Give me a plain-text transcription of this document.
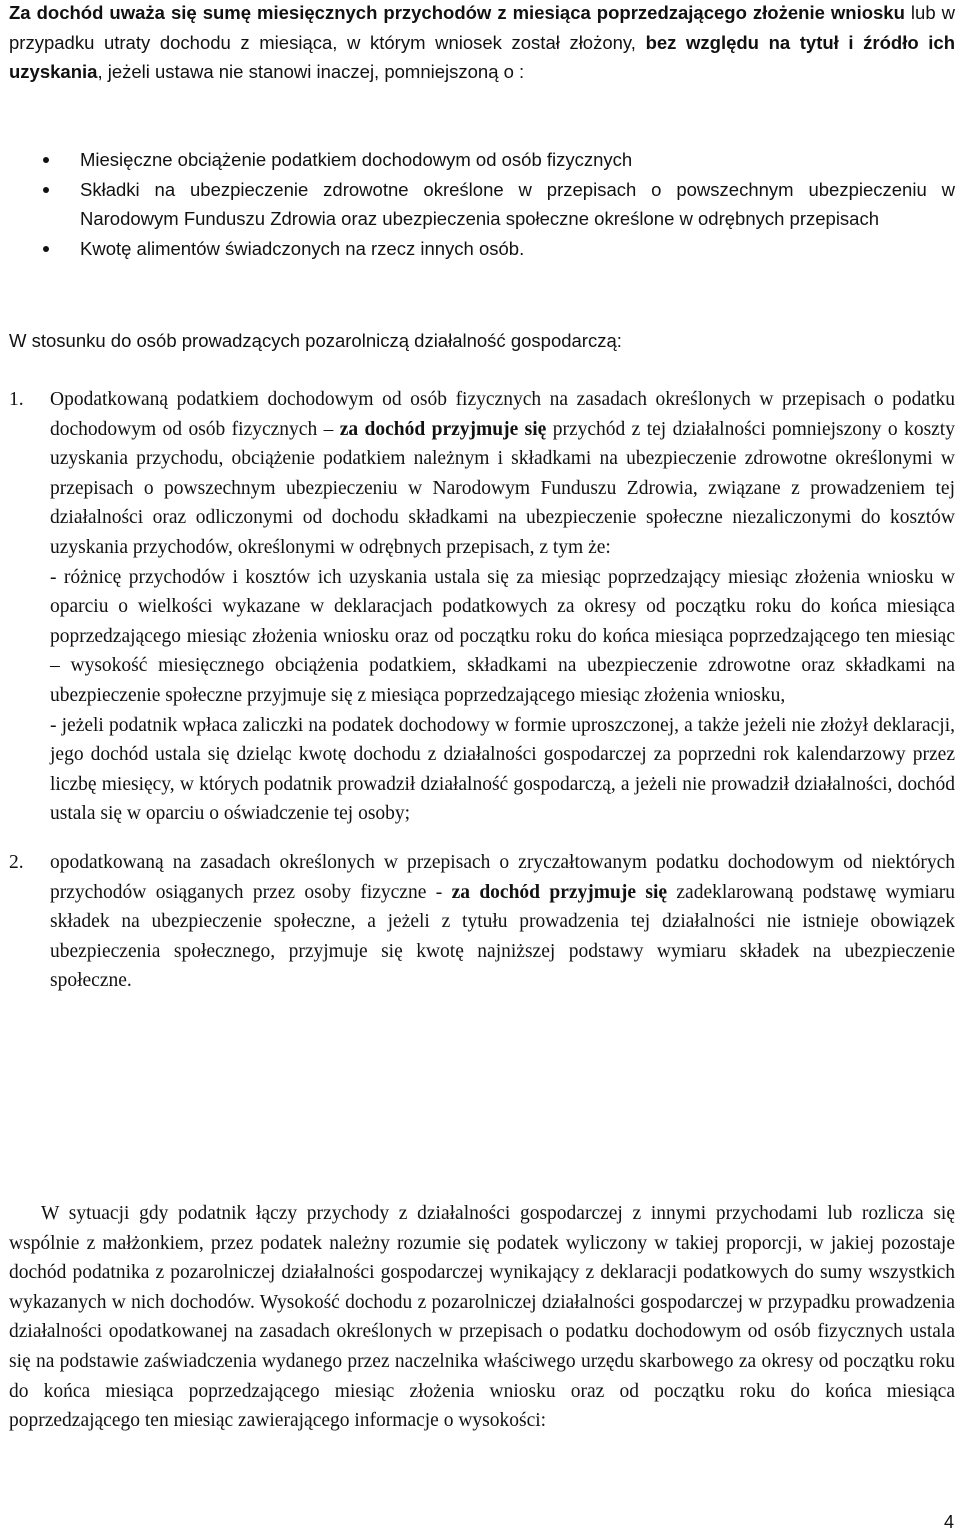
Za dochód uważa się sumę miesięcznych przychodów z miesiąca poprzedzającego złożenie wniosku lub w przypadku utraty dochodu z miesiąca, w którym wniosek został złożony, bez względu na tytuł i źródło ich uzyskania, jeżeli ustawa nie stanowi inaczej, pomniejszoną o :

Miesięczne obciążenie podatkiem dochodowym od osób fizycznych
Składki na ubezpieczenie zdrowotne określone w przepisach o powszechnym ubezpieczeniu w Narodowym Funduszu Zdrowia oraz ubezpieczenia społeczne określone w odrębnych przepisach
Kwotę alimentów świadczonych na rzecz innych osób.

W stosunku do osób prowadzących pozarolniczą działalność gospodarczą:

1. Opodatkowaną podatkiem dochodowym od osób fizycznych na zasadach określonych w przepisach o podatku dochodowym od osób fizycznych – za dochód przyjmuje się przychód z tej działalności pomniejszony o koszty uzyskania przychodu, obciążenie podatkiem należnym i składkami na ubezpieczenie zdrowotne określonymi w przepisach o powszechnym ubezpieczeniu w Narodowym Funduszu Zdrowia, związane z prowadzeniem tej działalności oraz odliczonymi od dochodu składkami na ubezpieczenie społeczne niezaliczonymi do kosztów uzyskania przychodów, określonymi w odrębnych przepisach, z tym że:
- różnicę przychodów i kosztów ich uzyskania ustala się za miesiąc poprzedzający miesiąc złożenia wniosku w oparciu o wielkości wykazane w deklaracjach podatkowych za okresy od początku roku do końca miesiąca poprzedzającego miesiąc złożenia wniosku oraz od początku roku do końca miesiąca poprzedzającego ten miesiąc – wysokość miesięcznego obciążenia podatkiem, składkami na ubezpieczenie zdrowotne oraz składkami na ubezpieczenie społeczne przyjmuje się z miesiąca poprzedzającego miesiąc złożenia wniosku,
- jeżeli podatnik wpłaca zaliczki na podatek dochodowy w formie uproszczonej, a także jeżeli nie złożył deklaracji, jego dochód ustala się dzieląc kwotę dochodu z działalności gospodarczej za poprzedni rok kalendarzowy przez liczbę miesięcy, w których podatnik prowadził działalność gospodarczą, a jeżeli nie prowadził działalności, dochód ustala się w oparciu o oświadczenie tej osoby;
2. opodatkowaną na zasadach określonych w przepisach o zryczałtowanym podatku dochodowym od niektórych przychodów osiąganych przez osoby fizyczne - za dochód przyjmuje się zadeklarowaną podstawę wymiaru składek na ubezpieczenie społeczne, a jeżeli z tytułu prowadzenia tej działalności nie istnieje obowiązek ubezpieczenia społecznego, przyjmuje się kwotę najniższej podstawy wymiaru składek na ubezpieczenie społeczne.

W sytuacji gdy podatnik łączy przychody z działalności gospodarczej z innymi przychodami lub rozlicza się wspólnie z małżonkiem, przez podatek należny rozumie się podatek wyliczony w takiej proporcji, w jakiej pozostaje dochód podatnika z pozarolniczej działalności gospodarczej wynikający z deklaracji podatkowych do sumy wszystkich wykazanych w nich dochodów. Wysokość dochodu z pozarolniczej działalności gospodarczej w przypadku prowadzenia działalności opodatkowanej na zasadach określonych w przepisach o podatku dochodowym od osób fizycznych ustala się na podstawie zaświadczenia wydanego przez naczelnika właściwego urzędu skarbowego za okresy od początku roku do końca miesiąca poprzedzającego miesiąc złożenia wniosku oraz od początku roku do końca miesiąca poprzedzającego ten miesiąc zawierającego informacje o wysokości:

4
